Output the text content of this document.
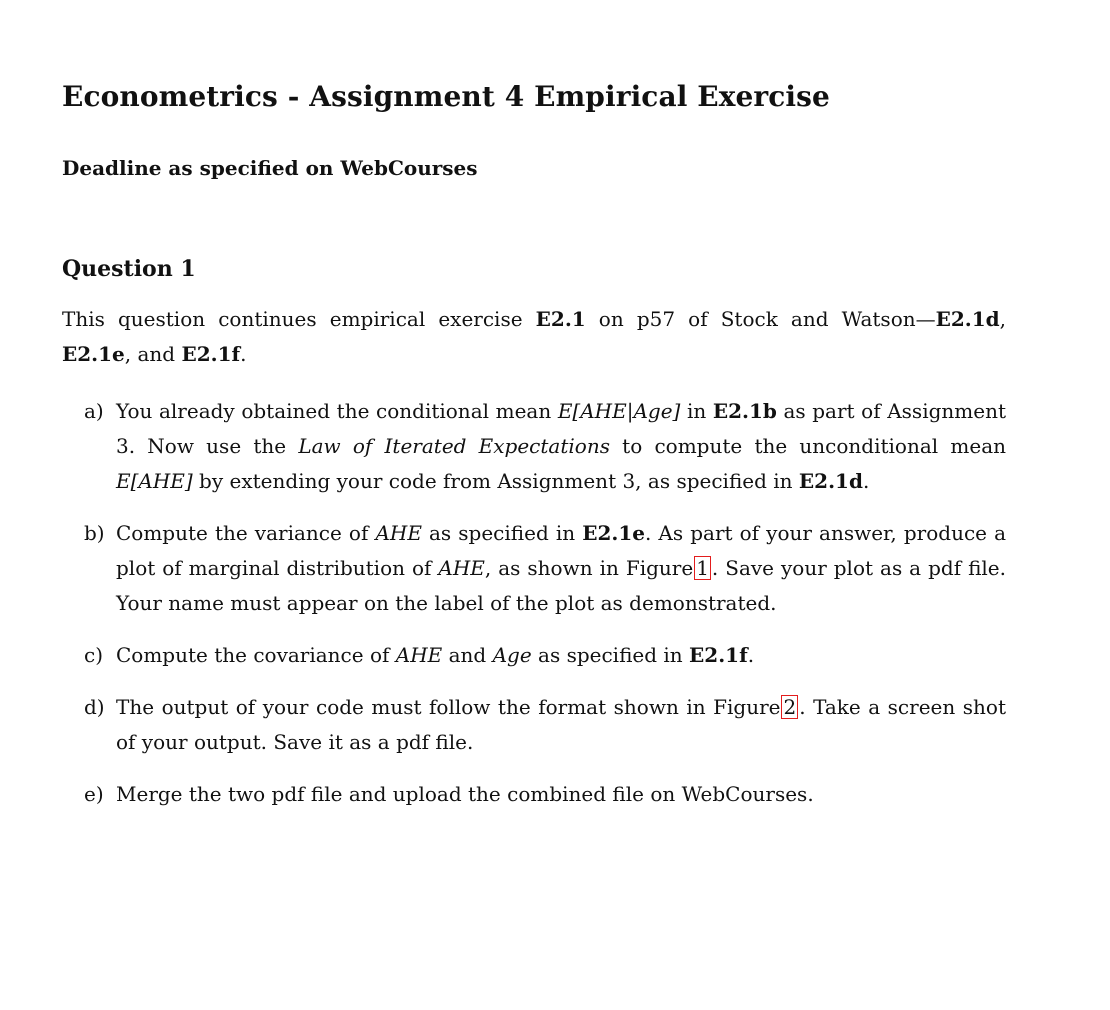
Econometrics - Assignment 4 Empirical Exercise
Deadline as specified on WebCourses
Question 1
This question continues empirical exercise E2.1 on p57 of Stock and Watson—E2.1d, E2.1e, and E2.1f.
a) You already obtained the conditional mean E[AHE|Age] in E2.1b as part of Assignment 3. Now use the Law of Iterated Expectations to compute the unconditional mean E[AHE] by extending your code from Assignment 3, as specified in E2.1d.
b) Compute the variance of AHE as specified in E2.1e. As part of your answer, produce a plot of marginal distribution of AHE, as shown in Figure 1 . Save your plot as a pdf file. Your name must appear on the label of the plot as demonstrated.
c) Compute the covariance of AHE and Age as specified in E2.1f.
d) The output of your code must follow the format shown in Figure 2 . Take a screen shot of your output. Save it as a pdf file.
e) Merge the two pdf file and upload the combined file on WebCourses.
